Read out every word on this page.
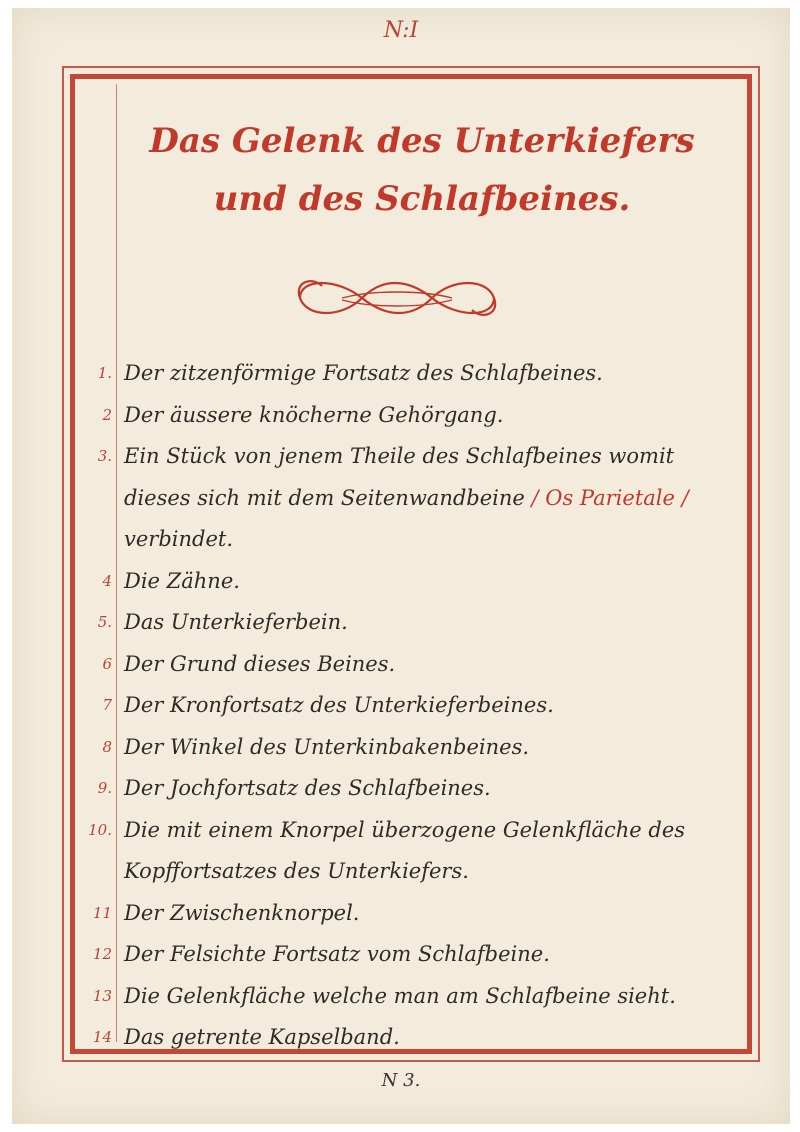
N:I
Das Gelenk des Unterkiefers und des Schlafbeines.
1. Der zitzenförmige Fortsatz des Schlafbeines.
2 Der äussere knöcherne Gehörgang.
3. Ein Stück von jenem Theile des Schlafbeines womit dieses sich mit dem Seitenwandbeine / Os Parietale / verbindet.
4 Die Zähne.
5. Das Unterkieferbein.
6 Der Grund dieses Beines.
7 Der Kronfortsatz des Unterkieferbeines.
8 Der Winkel des Unterkinbakenbeines.
9. Der Jochfortsatz des Schlafbeines.
10. Die mit einem Knorpel überzogene Gelenkfläche des Kopffortsatzes des Unterkiefers.
11 Der Zwischenknorpel.
12 Der Felsichte Fortsatz vom Schlafbeine.
13 Die Gelenkfläche welche man am Schlafbeine sieht.
14 Das getrente Kapselband.
N 3.
